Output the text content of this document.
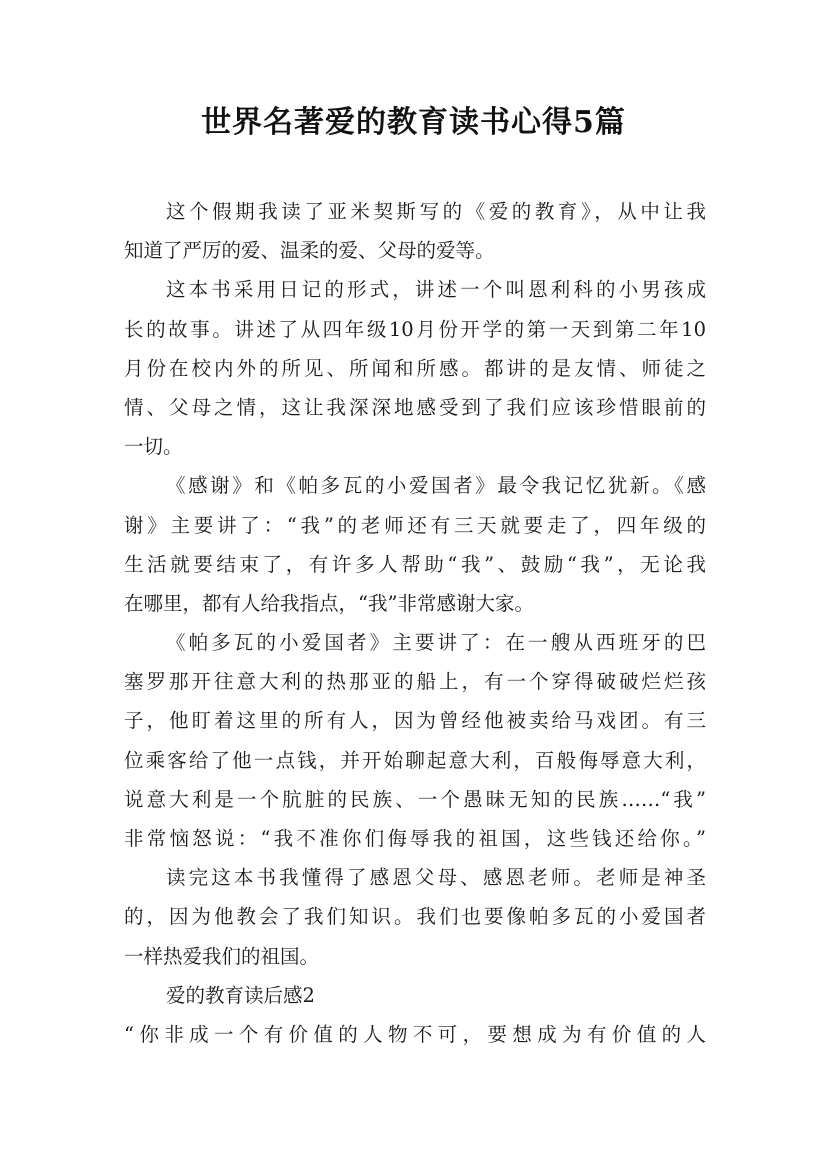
世界名著爱的教育读书心得5篇
这个假期我读了亚米契斯写的《爱的教育》，从中让我
知道了严厉的爱、温柔的爱、父母的爱等。
这本书采用日记的形式，讲述一个叫恩利科的小男孩成
长的故事。讲述了从四年级10月份开学的第一天到第二年10
月份在校内外的所见、所闻和所感。都讲的是友情、师徒之
情、父母之情，这让我深深地感受到了我们应该珍惜眼前的
一切。
《感谢》和《帕多瓦的小爱国者》最令我记忆犹新。《感
谢》主要讲了：“我”的老师还有三天就要走了，四年级的
生活就要结束了，有许多人帮助“我”、鼓励“我”，无论我
在哪里，都有人给我指点，“我”非常感谢大家。
《帕多瓦的小爱国者》主要讲了：在一艘从西班牙的巴
塞罗那开往意大利的热那亚的船上，有一个穿得破破烂烂孩
子，他盯着这里的所有人，因为曾经他被卖给马戏团。有三
位乘客给了他一点钱，并开始聊起意大利，百般侮辱意大利，
说意大利是一个肮脏的民族、一个愚昧无知的民族……“我”
非常恼怒说：“我不准你们侮辱我的祖国，这些钱还给你。”
读完这本书我懂得了感恩父母、感恩老师。老师是神圣
的，因为他教会了我们知识。我们也要像帕多瓦的小爱国者
一样热爱我们的祖国。
爱的教育读后感2
“你非成一个有价值的人物不可，要想成为有价值的人
